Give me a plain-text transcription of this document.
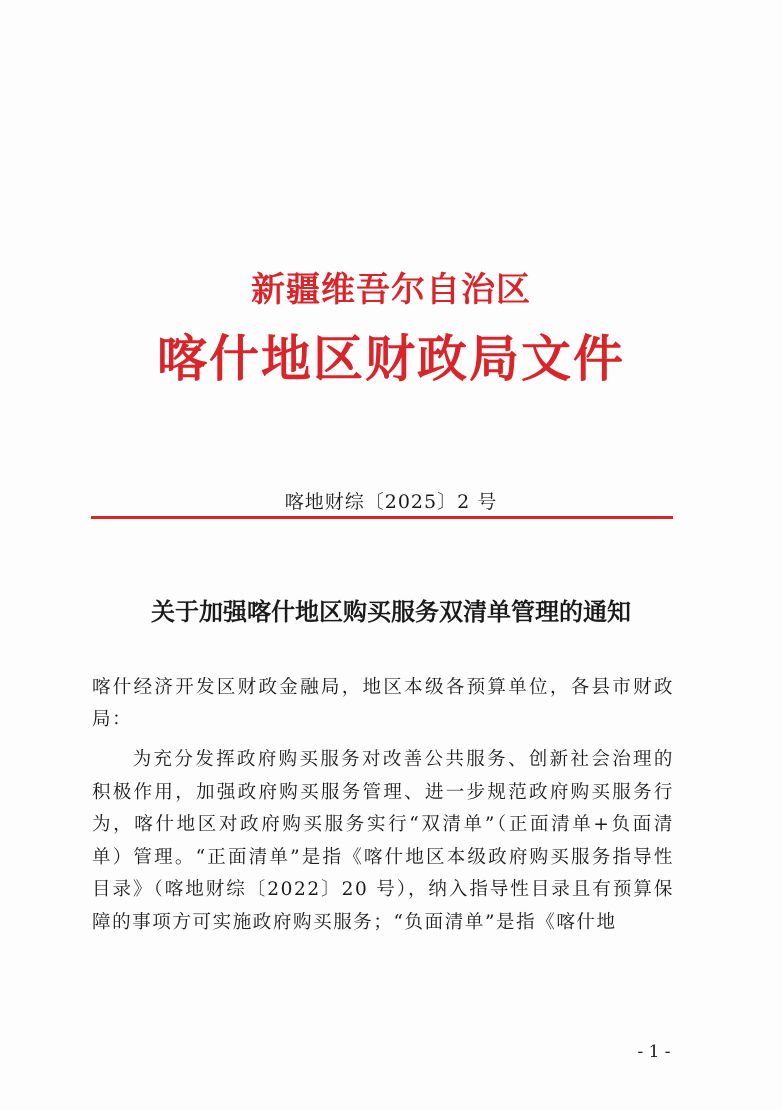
新疆维吾尔自治区
喀什地区财政局文件
喀地财综〔2025〕2 号
关于加强喀什地区购买服务双清单管理的通知
喀什经济开发区财政金融局，地区本级各预算单位，各县市财政局：
为充分发挥政府购买服务对改善公共服务、创新社会治理的积极作用，加强政府购买服务管理、进一步规范政府购买服务行为，喀什地区对政府购买服务实行“双清单”（正面清单+负面清单）管理。“正面清单”是指《喀什地区本级政府购买服务指导性目录》（喀地财综〔2022〕20 号），纳入指导性目录且有预算保障的事项方可实施政府购买服务；“负面清单”是指《喀什地
- 1 -
